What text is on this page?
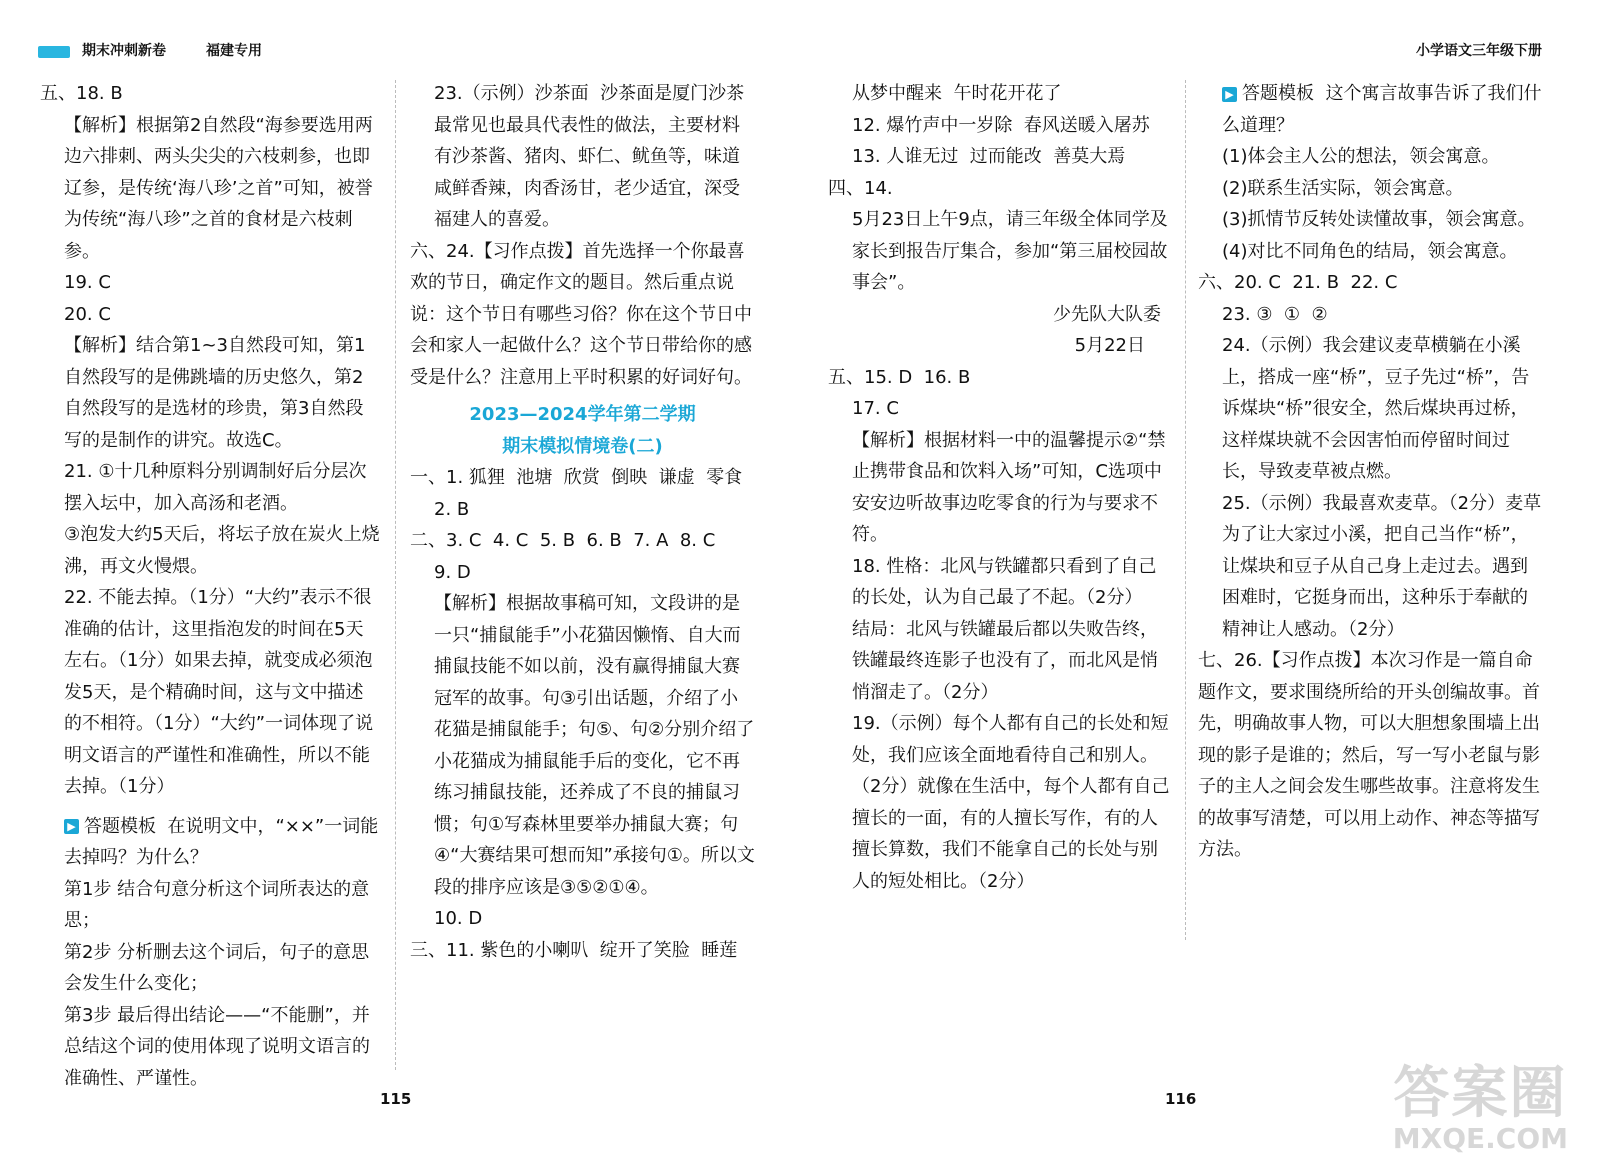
期末冲刺新卷	福建专用	小学语文三年级下册

五、18. B

【解析】根据第2自然段“海参要选用两边六排刺、两头尖尖的六枝刺参，也即辽参，是传统‘海八珍’之首”可知，被誉为传统“海八珍”之首的食材是六枝刺参。

19. C

20. C

【解析】结合第1~3自然段可知，第1自然段写的是佛跳墙的历史悠久，第2自然段写的是选材的珍贵，第3自然段写的是制作的讲究。故选C。

21. ①十几种原料分别调制好后分层次摆入坛中，加入高汤和老酒。

③泡发大约5天后，将坛子放在炭火上烧沸，再文火慢煨。

22. 不能去掉。（1分）“大约”表示不很准确的估计，这里指泡发的时间在5天左右。（1分）如果去掉，就变成必须泡发5天，是个精确时间，这与文中描述的不相符。（1分）“大约”一词体现了说明文语言的严谨性和准确性，所以不能去掉。（1分）

▶ 答题模板  在说明文中，“××”一词能去掉吗？为什么？

第1步 结合句意分析这个词所表达的意思；

第2步 分析删去这个词后，句子的意思会发生什么变化；

第3步 最后得出结论——“不能删”，并总结这个词的使用体现了说明文语言的准确性、严谨性。

23.（示例）沙茶面  沙茶面是厦门沙茶最常见也最具代表性的做法，主要材料有沙茶酱、猪肉、虾仁、鱿鱼等，味道咸鲜香辣，肉香汤甘，老少适宜，深受福建人的喜爱。

六、24.【习作点拨】首先选择一个你最喜欢的节日，确定作文的题目。然后重点说说：这个节日有哪些习俗？你在这个节日中会和家人一起做什么？这个节日带给你的感受是什么？注意用上平时积累的好词好句。

2023—2024学年第二学期

期末模拟情境卷(二)

一、1. 狐狸  池塘  欣赏  倒映  谦虚  零食

2. B

二、3. C  4. C  5. B  6. B  7. A  8. C

9. D

【解析】根据故事稿可知，文段讲的是一只“捕鼠能手”小花猫因懒惰、自大而捕鼠技能不如以前，没有赢得捕鼠大赛冠军的故事。句③引出话题，介绍了小花猫是捕鼠能手；句⑤、句②分别介绍了小花猫成为捕鼠能手后的变化，它不再练习捕鼠技能，还养成了不良的捕鼠习惯；句①写森林里要举办捕鼠大赛；句④“大赛结果可想而知”承接句①。所以文段的排序应该是③⑤②①④。

10. D

三、11. 紫色的小喇叭  绽开了笑脸  睡莲

从梦中醒来  午时花开花了

12. 爆竹声中一岁除  春风送暖入屠苏

13. 人谁无过  过而能改  善莫大焉

四、14.

5月23日上午9点，请三年级全体同学及家长到报告厅集合，参加“第三届校园故事会”。

少先队大队委

5月22日

五、15. D  16. B

17. C

【解析】根据材料一中的温馨提示②“禁止携带食品和饮料入场”可知，C选项中安安边听故事边吃零食的行为与要求不符。

18. 性格：北风与铁罐都只看到了自己的长处，认为自己最了不起。（2分）

结局：北风与铁罐最后都以失败告终，铁罐最终连影子也没有了，而北风是悄悄溜走了。（2分）

19.（示例）每个人都有自己的长处和短处，我们应该全面地看待自己和别人。（2分）就像在生活中，每个人都有自己擅长的一面，有的人擅长写作，有的人擅长算数，我们不能拿自己的长处与别人的短处相比。（2分）

▶ 答题模板  这个寓言故事告诉了我们什么道理？

(1)体会主人公的想法，领会寓意。

(2)联系生活实际，领会寓意。

(3)抓情节反转处读懂故事，领会寓意。

(4)对比不同角色的结局，领会寓意。

六、20. C  21. B  22. C

23. ③  ①  ②

24.（示例）我会建议麦草横躺在小溪上，搭成一座“桥”，豆子先过“桥”，告诉煤块“桥”很安全，然后煤块再过桥，这样煤块就不会因害怕而停留时间过长，导致麦草被点燃。

25.（示例）我最喜欢麦草。（2分）麦草为了让大家过小溪，把自己当作“桥”，让煤块和豆子从自己身上走过去。遇到困难时，它挺身而出，这种乐于奉献的精神让人感动。（2分）

七、26.【习作点拨】本次习作是一篇自命题作文，要求围绕所给的开头创编故事。首先，明确故事人物，可以大胆想象围墙上出现的影子是谁的；然后，写一写小老鼠与影子的主人之间会发生哪些故事。注意将发生的故事写清楚，可以用上动作、神态等描写方法。

115	116	答案圈
MXQE.COM
